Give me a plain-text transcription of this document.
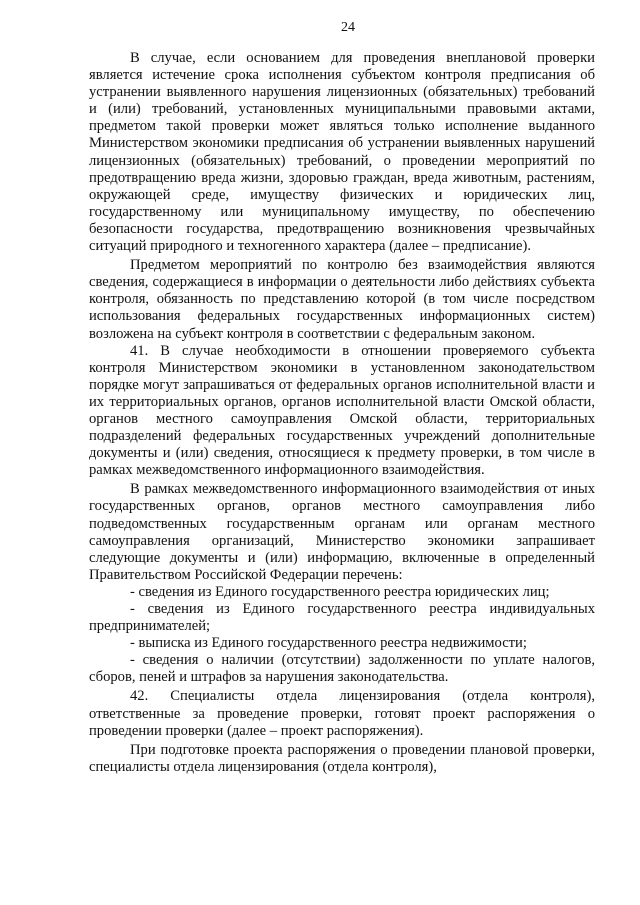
24

В случае, если основанием для проведения внеплановой проверки является истечение срока исполнения субъектом контроля предписания об устранении выявленного нарушения лицензионных (обязательных) требований и (или) требований, установленных муниципальными правовыми актами, предметом такой проверки может являться только исполнение выданного Министерством экономики предписания об устранении выявленных нарушений лицензионных (обязательных) требований, о проведении мероприятий по предотвращению вреда жизни, здоровью граждан, вреда животным, растениям, окружающей среде, имуществу физических и юридических лиц, государственному или муниципальному имуществу, по обеспечению безопасности государства, предотвращению возникновения чрезвычайных ситуаций природного и техногенного характера (далее – предписание).

Предметом мероприятий по контролю без взаимодействия являются сведения, содержащиеся в информации о деятельности либо действиях субъекта контроля, обязанность по представлению которой (в том числе посредством использования федеральных государственных информационных систем) возложена на субъект контроля в соответствии с федеральным законом.

41. В случае необходимости в отношении проверяемого субъекта контроля Министерством экономики в установленном законодательством порядке могут запрашиваться от федеральных органов исполнительной власти и их территориальных органов, органов исполнительной власти Омской области, органов местного самоуправления Омской области, территориальных подразделений федеральных государственных учреждений дополнительные документы и (или) сведения, относящиеся к предмету проверки, в том числе в рамках межведомственного информационного взаимодействия.

В рамках межведомственного информационного взаимодействия от иных государственных органов, органов местного самоуправления либо подведомственных государственным органам или органам местного самоуправления организаций, Министерство экономики запрашивает следующие документы и (или) информацию, включенные в определенный Правительством Российской Федерации перечень:

- сведения из Единого государственного реестра юридических лиц;

- сведения из Единого государственного реестра индивидуальных предпринимателей;

- выписка из Единого государственного реестра недвижимости;

- сведения о наличии (отсутствии) задолженности по уплате налогов, сборов, пеней и штрафов за нарушения законодательства.

42. Специалисты отдела лицензирования (отдела контроля), ответственные за проведение проверки, готовят проект распоряжения о проведении проверки (далее – проект распоряжения).

При подготовке проекта распоряжения о проведении плановой проверки, специалисты отдела лицензирования (отдела контроля),
